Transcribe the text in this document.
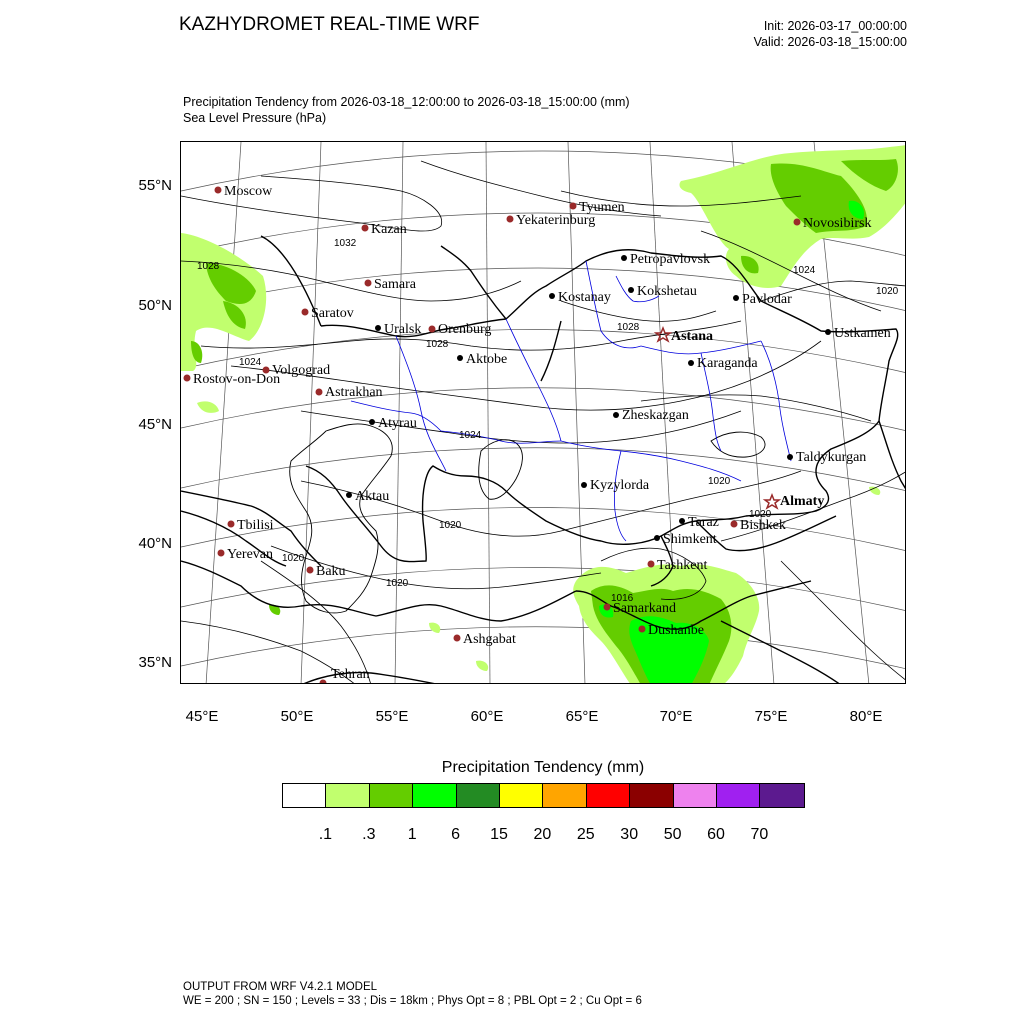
KAZHYDROMET REAL-TIME WRF	Init: 2026-03-17_00:00:00
Valid: 2026-03-18_15:00:00
Precipitation Tendency from 2026-03-18_12:00:00 to 2026-03-18_15:00:00 (mm)
Sea Level Pressure (hPa)
55°N
50°N
45°N
40°N
35°N
45°E	50°E	55°E	60°E	65°E	70°E	75°E	80°E
1032
1028
1028
1028
1024
1024
1024
1020
1020
1020
1020
1020
1020
1016
Moscow
Kazan
Samara
Saratov
Volgograd
Rostov-on-Don
Astrakhan
Orenburg
Yekaterinburg
Tyumen
Novosibirsk
Tbilisi
Yerevan
Baku
Ashgabat
Tehran
Tashkent
Samarkand
Dushanbe
Bishkek
Petropavlovsk
Kostanay Kokshetau
Pavlodar
Ustkamen
Uralsk
Aktobe	Karaganda
Zheskazgan
Atyrau
Taldykurgan
Kyzylorda
Aktau
Taraz
Shimkent
Astana
Almaty
Precipitation Tendency (mm)
.1 .3 1 6 15 20 25 30 50 60 70
OUTPUT FROM WRF V4.2.1 MODEL
WE = 200 ; SN = 150 ; Levels = 33 ; Dis = 18km ; Phys Opt = 8 ; PBL Opt = 2 ; Cu Opt = 6
